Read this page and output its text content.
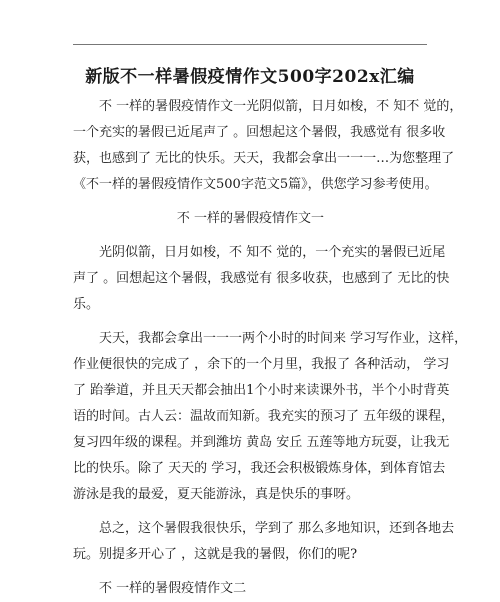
新版不一样暑假疫情作文500字202x汇编
不 一样的暑假疫情作文一光阴似箭，日月如梭，不 知不 觉的，
一个充实的暑假已近尾声了 。回想起这个暑假，我感觉有 很多收
获，也感到了 无比的快乐。天天，我都会拿出一一一…为您整理了
《不一样的暑假疫情作文500字范文5篇》，供您学习参考使用。
不 一样的暑假疫情作文一
光阴似箭，日月如梭，不 知不 觉的，一个充实的暑假已近尾
声了 。回想起这个暑假，我感觉有 很多收获，也感到了 无比的快
乐。
天天，我都会拿出一一一两个小时的时间来 学习写作业，这样，
作业便很快的完成了 ，余下的一个月里，我报了 各种活动， 学习
了 跆拳道，并且天天都会抽出1个小时来读课外书，半个小时背英
语的时间。古人云：温故而知新。我充实的预习了 五年级的课程，
复习四年级的课程。并到潍坊 黄岛 安丘 五莲等地方玩耍，让我无
比的快乐。除了 天天的 学习，我还会积极锻炼身体，到体育馆去
游泳是我的最爱，夏天能游泳，真是快乐的事呀。
总之，这个暑假我很快乐，学到了 那么多地知识，还到各地去
玩。别提多开心了 ，这就是我的暑假，你们的呢?
不 一样的暑假疫情作文二
